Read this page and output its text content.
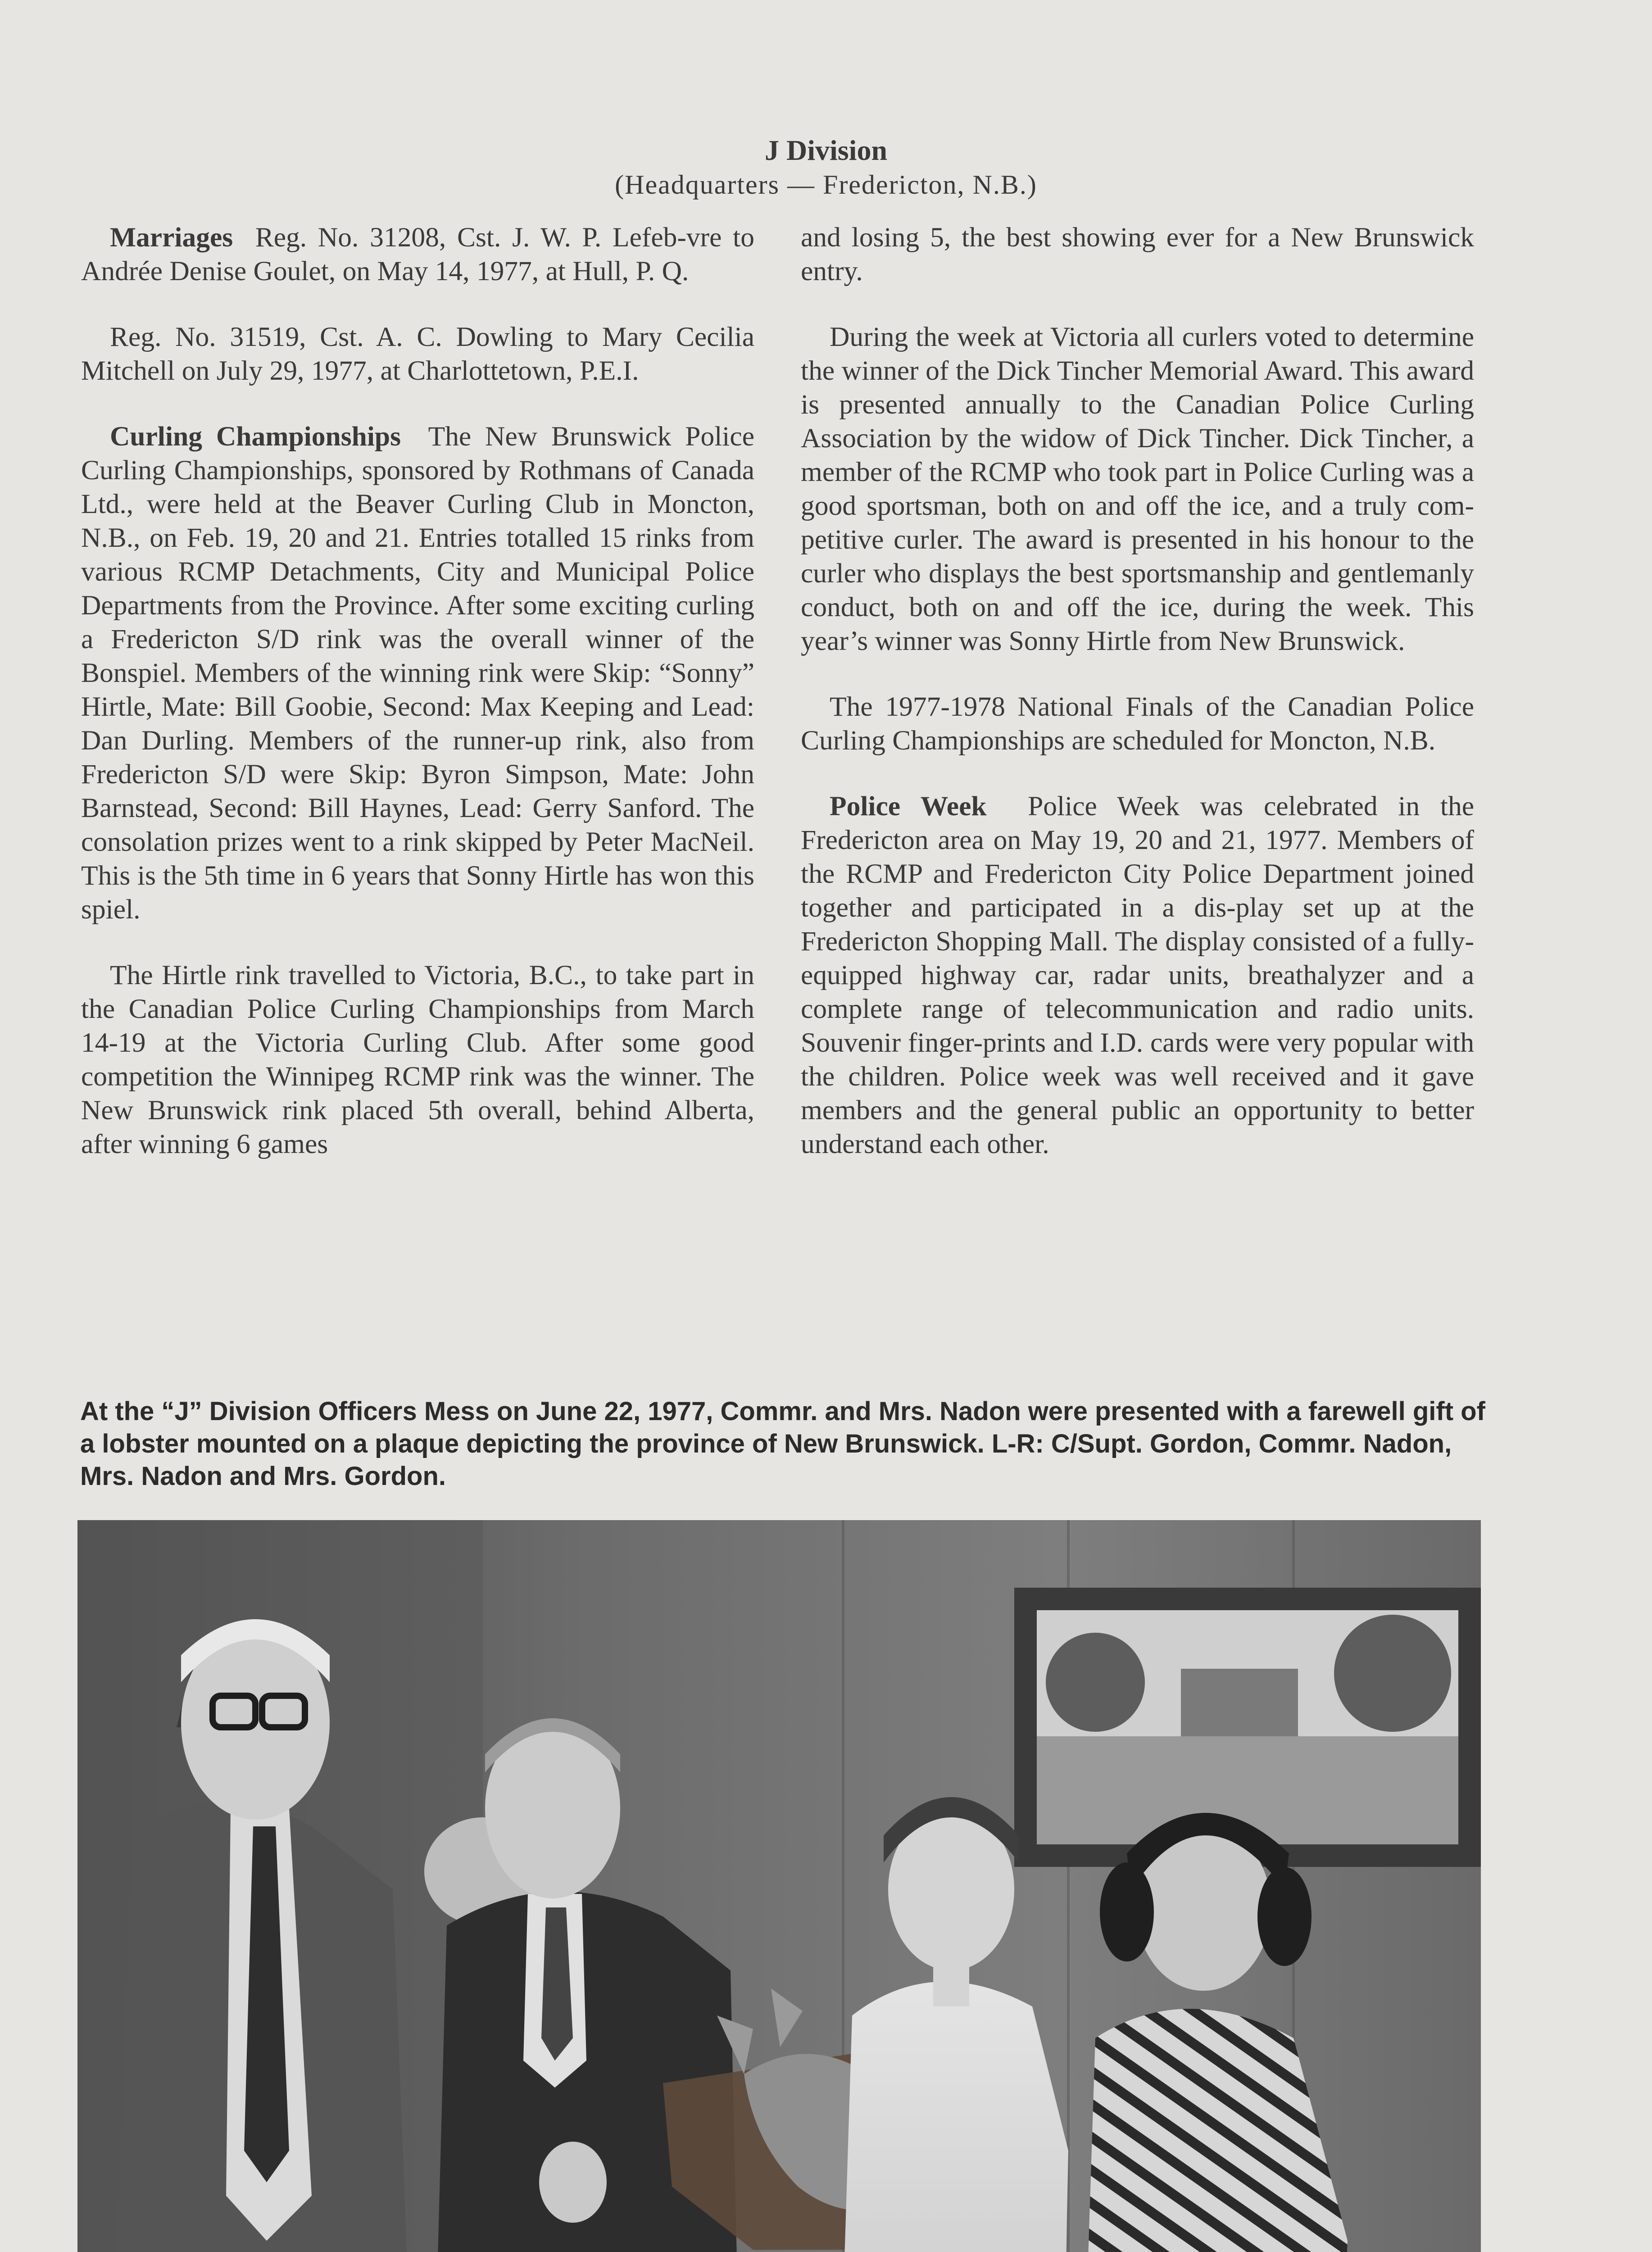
J Division
(Headquarters — Fredericton, N.B.)

Marriages Reg. No. 31208, Cst. J. W. P. Lefeb-vre to Andrée Denise Goulet, on May 14, 1977, at Hull, P. Q.

Reg. No. 31519, Cst. A. C. Dowling to Mary Cecilia Mitchell on July 29, 1977, at Charlottetown, P.E.I.

Curling Championships The New Brunswick Police Curling Championships, sponsored by Rothmans of Canada Ltd., were held at the Beaver Curling Club in Moncton, N.B., on Feb. 19, 20 and 21. Entries totalled 15 rinks from various RCMP Detachments, City and Municipal Police Departments from the Province. After some exciting curling a Fredericton S/D rink was the overall winner of the Bonspiel. Members of the winning rink were Skip: “Sonny” Hirtle, Mate: Bill Goobie, Second: Max Keeping and Lead: Dan Durling. Members of the runner-up rink, also from Fredericton S/D were Skip: Byron Simpson, Mate: John Barnstead, Second: Bill Haynes, Lead: Gerry Sanford. The consolation prizes went to a rink skipped by Peter MacNeil. This is the 5th time in 6 years that Sonny Hirtle has won this spiel.

The Hirtle rink travelled to Victoria, B.C., to take part in the Canadian Police Curling Championships from March 14-19 at the Victoria Curling Club. After some good competition the Winnipeg RCMP rink was the winner. The New Brunswick rink placed 5th overall, behind Alberta, after winning 6 games

and losing 5, the best showing ever for a New Brunswick entry.

During the week at Victoria all curlers voted to determine the winner of the Dick Tincher Memorial Award. This award is presented annually to the Canadian Police Curling Association by the widow of Dick Tincher. Dick Tincher, a member of the RCMP who took part in Police Curling was a good sportsman, both on and off the ice, and a truly com-petitive curler. The award is presented in his honour to the curler who displays the best sportsmanship and gentlemanly conduct, both on and off the ice, during the week. This year’s winner was Sonny Hirtle from New Brunswick.

The 1977-1978 National Finals of the Canadian Police Curling Championships are scheduled for Moncton, N.B.

Police Week Police Week was celebrated in the Fredericton area on May 19, 20 and 21, 1977. Members of the RCMP and Fredericton City Police Department joined together and participated in a dis-play set up at the Fredericton Shopping Mall. The display consisted of a fully-equipped highway car, radar units, breathalyzer and a complete range of telecommunication and radio units. Souvenir finger-prints and I.D. cards were very popular with the children. Police week was well received and it gave members and the general public an opportunity to better understand each other.

At the “J” Division Officers Mess on June 22, 1977, Commr. and Mrs. Nadon were presented with a farewell gift of a lobster mounted on a plaque depicting the province of New Brunswick. L-R: C/Supt. Gordon, Commr. Nadon, Mrs. Nadon and Mrs. Gordon.
